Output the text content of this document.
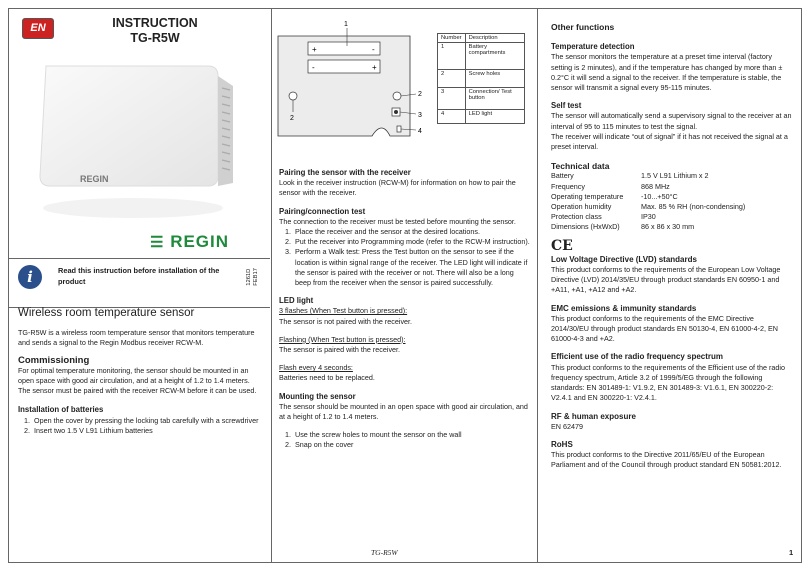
EN	INSTRUCTION
TG-R5W
REGIN
☰ REGIN
i	Read this instruction before installation of the product	1261D
FEB17
Wireless room temperature sensor

TG-R5W is a wireless room temperature sensor that monitors temperature and sends a signal to the Regin Modbus receiver RCW-M.

Commissioning

For optimal temperature monitoring, the sensor should be mounted in an open space with good air circulation, and at a height of 1.2 to 1.4 meters.

The sensor must be paired with the receiver RCW-M before it can be used.

Installation of batteries
1. Open the cover by pressing the locking tab carefully with a screwdriver
2. Insert two 1.5 V L91 Lithium batteries
+	-
-	+
1
2
2
3
4
Number	Description
1	Battery compartments
2	Screw holes
3	Connection/ Test button
4	LED light
Pairing the sensor with the receiver

Look in the receiver instruction (RCW-M) for information on how to pair the sensor with the receiver.

Pairing/connection test

The connection to the receiver must be tested before mounting the sensor.

1. Place the receiver and the sensor at the desired locations.
2. Put the receiver into Programming mode (refer to the RCW-M instruction).
3. Perform a Walk test: Press the Test button on the sensor to see if the location is within signal range of the receiver. The LED light will indicate if the sensor is paired with the receiver or not. There will also be a long beep from the receiver when the sensor is paired successfully.
LED light

3 flashes (When Test button is pressed):

The sensor is not paired with the receiver.

Flashing (When Test button is pressed):

The sensor is paired with the receiver.

Flash every 4 seconds:

Batteries need to be replaced.

Mounting the sensor

The sensor should be mounted in an open space with good air circulation, and at a height of 1.2 to 1.4 meters.

1. Use the screw holes to mount the sensor on the wall
2. Snap on the cover
Other functions
Temperature detection

The sensor monitors the temperature at a preset time interval (factory setting is 2 minutes), and if the temperature has changed by more than ± 0.2°C it will send a signal to the receiver. If the temperature is stable, the sensor will transmit a signal every 95-115 minutes.

Self test

The sensor will automatically send a supervisory signal to the receiver at an interval of 95 to 115 minutes to test the signal.

The receiver will indicate “out of signal” if it has not received the signal at a preset interval.

Technical data
Battery	1.5 V L91 Lithium x 2
Frequency	868 MHz
Operating temperature	-10...+50°C
Operation humidity	Max. 85 % RH (non-condensing)
Protection class	IP30
Dimensions (HxWxD)	86 x 86 x 30 mm
CE
Low Voltage Directive (LVD) standards

This product conforms to the requirements of the European Low Voltage Directive (LVD) 2014/35/EU through product standards EN 60950-1 and +A11, +A1, +A12 and +A2.

EMC emissions & immunity standards

This product conforms to the requirements of the EMC Directive 2014/30/EU through product standards EN 50130-4, EN 61000-4-2, EN 61000-4-3 and +A2.

Efficient use of the radio frequency spectrum

This product conforms to the requirements of the Efficient use of the radio frequency spectrum, Article 3.2 of 1999/5/EG through the following standards: EN 301489-1: V1.9.2, EN 301489-3: V1.6.1, EN 300220-2: V2.4.1 and EN 300220-1: V2.4.1.

RF & human exposure

EN 62479

RoHS

This product conforms to the Directive 2011/65/EU of the European Parliament and of the Council through product standard EN 50581:2012.

TG-R5W	1
